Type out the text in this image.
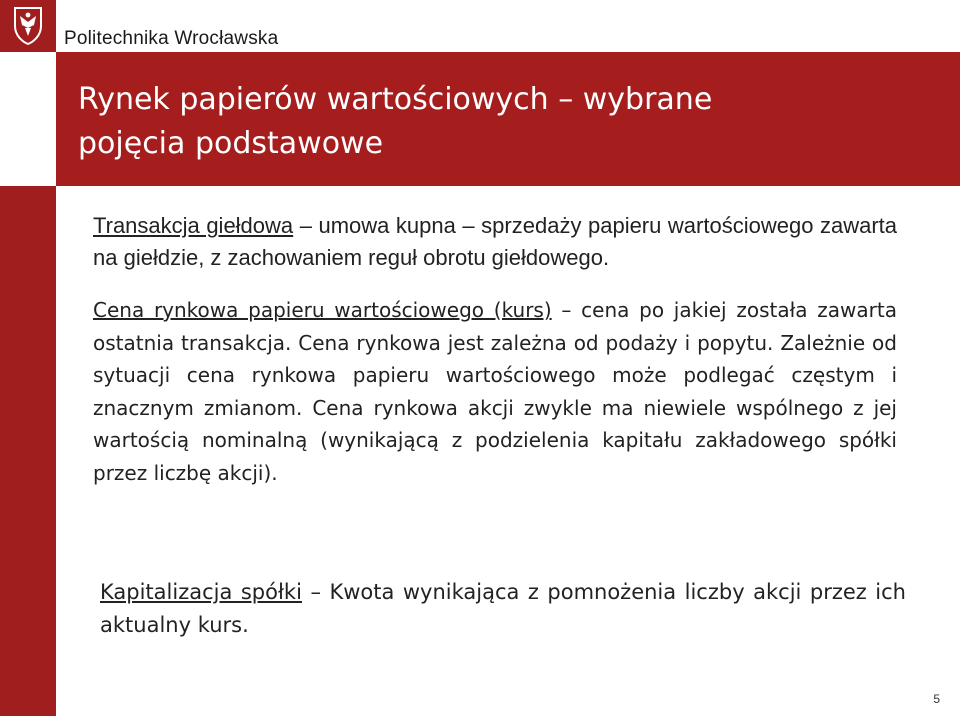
Politechnika Wrocławska
Rynek papierów wartościowych – wybrane
pojęcia podstawowe

Transakcja giełdowa – umowa kupna – sprzedaży papieru wartościowego zawarta na giełdzie, z zachowaniem reguł obrotu giełdowego.

Cena rynkowa papieru wartościowego (kurs) – cena po jakiej została zawarta ostatnia transakcja. Cena rynkowa jest zależna od podaży i popytu. Zależnie od sytuacji cena rynkowa papieru wartościowego może podlegać częstym i znacznym zmianom. Cena rynkowa akcji zwykle ma niewiele wspólnego z jej wartością nominalną (wynikającą z podzielenia kapitału zakładowego spółki przez liczbę akcji).

Kapitalizacja spółki – Kwota wynikająca z pomnożenia liczby akcji przez ich aktualny kurs.

5
